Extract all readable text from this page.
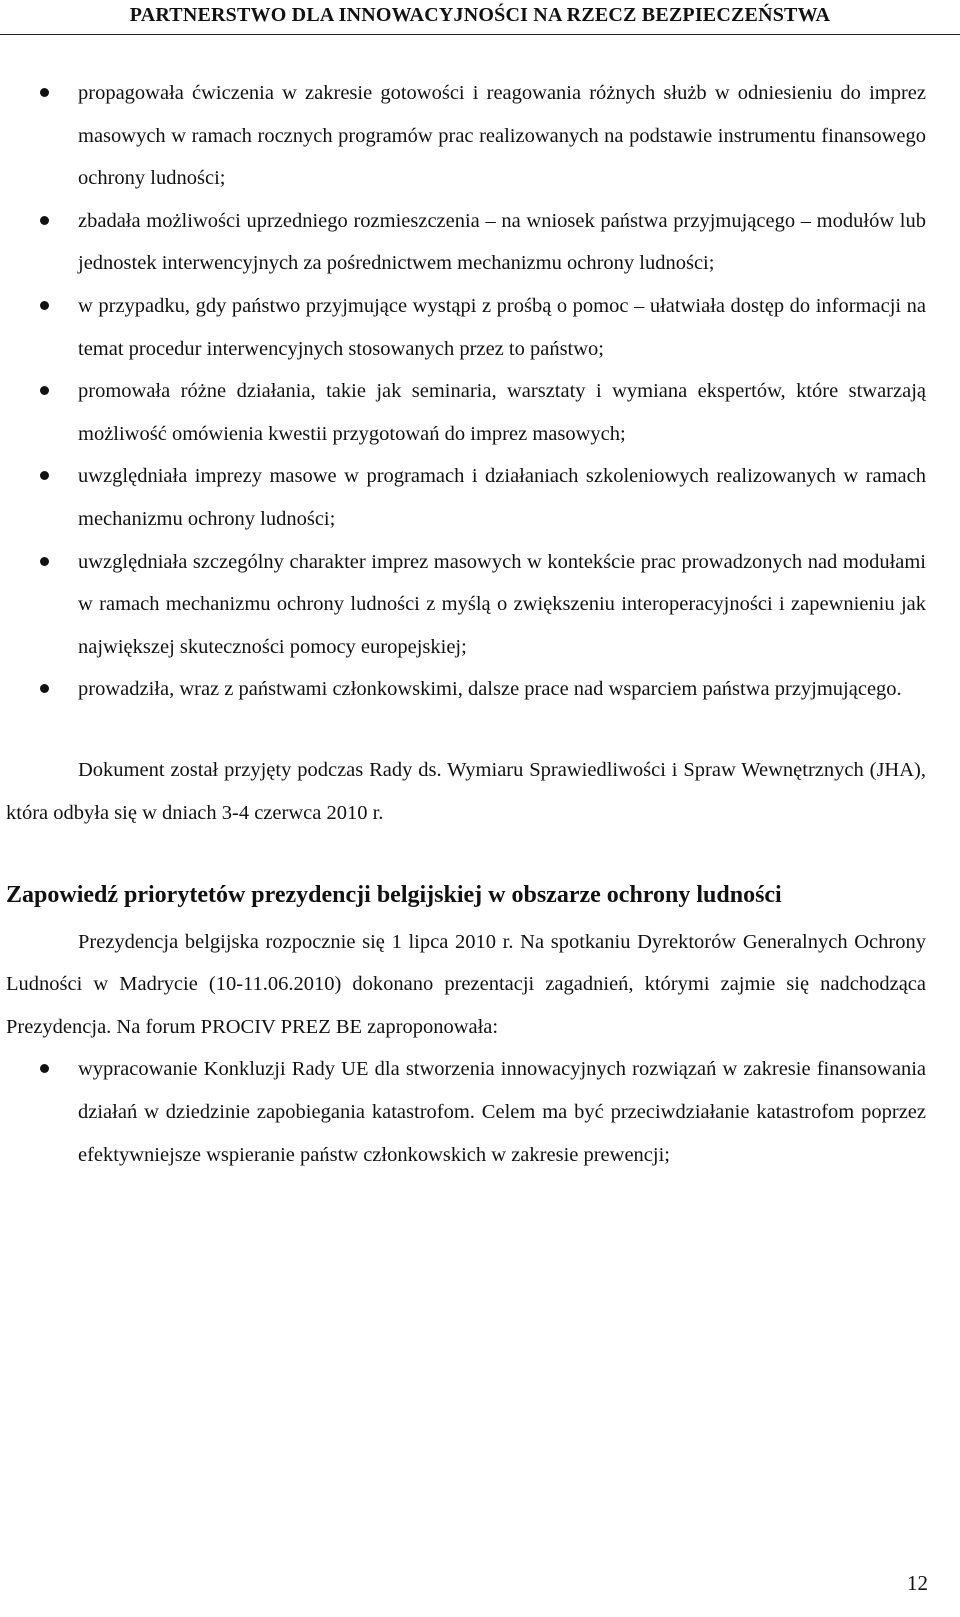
PARTNERSTWO DLA INNOWACYJNOŚCI NA RZECZ BEZPIECZEŃSTWA
propagowała ćwiczenia w zakresie gotowości i reagowania różnych służb w odniesieniu do imprez masowych w ramach rocznych programów prac realizowanych na podstawie instrumentu finansowego ochrony ludności;
zbadała możliwości uprzedniego rozmieszczenia – na wniosek państwa przyjmującego – modułów lub jednostek interwencyjnych za pośrednictwem mechanizmu ochrony ludności;
w przypadku, gdy państwo przyjmujące wystąpi z prośbą o pomoc – ułatwiała dostęp do informacji na temat procedur interwencyjnych stosowanych przez to państwo;
promowała różne działania, takie jak seminaria, warsztaty i wymiana ekspertów, które stwarzają możliwość omówienia kwestii przygotowań do imprez masowych;
uwzględniała imprezy masowe w programach i działaniach szkoleniowych realizowanych w ramach mechanizmu ochrony ludności;
uwzględniała szczególny charakter imprez masowych w kontekście prac prowadzonych nad modułami w ramach mechanizmu ochrony ludności z myślą o zwiększeniu interoperacyjności i zapewnieniu jak największej skuteczności pomocy europejskiej;
prowadziła, wraz z państwami członkowskimi, dalsze prace nad wsparciem państwa przyjmującego.

Dokument został przyjęty podczas Rady ds. Wymiaru Sprawiedliwości i Spraw Wewnętrznych (JHA), która odbyła się w dniach 3-4 czerwca 2010 r.

Zapowiedź priorytetów prezydencji belgijskiej w obszarze ochrony ludności

Prezydencja belgijska rozpocznie się 1 lipca 2010 r. Na spotkaniu Dyrektorów Generalnych Ochrony Ludności w Madrycie (10-11.06.2010) dokonano prezentacji zagadnień, którymi zajmie się nadchodząca Prezydencja. Na forum PROCIV PREZ BE zaproponowała:

wypracowanie Konkluzji Rady UE dla stworzenia innowacyjnych rozwiązań w zakresie finansowania działań w dziedzinie zapobiegania katastrofom. Celem ma być przeciwdziałanie katastrofom poprzez efektywniejsze wspieranie państw członkowskich w zakresie prewencji;
12
